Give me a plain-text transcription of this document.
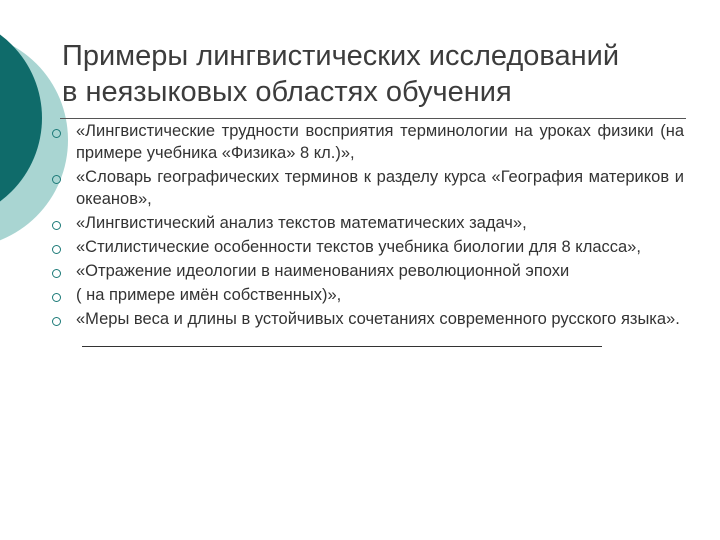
Примеры лингвистических исследований
в неязыковых областях обучения
«Лингвистические трудности восприятия терминологии на уроках физики (на примере учебника «Физика» 8 кл.)»,
«Словарь географических терминов к разделу курса «География материков и океанов»,
«Лингвистический анализ текстов математических задач»,
«Стилистические особенности текстов учебника биологии для 8 класса»,
«Отражение идеологии в наименованиях революционной эпохи
( на примере имён собственных)»,
«Меры веса и длины в устойчивых сочетаниях современного русского языка».
